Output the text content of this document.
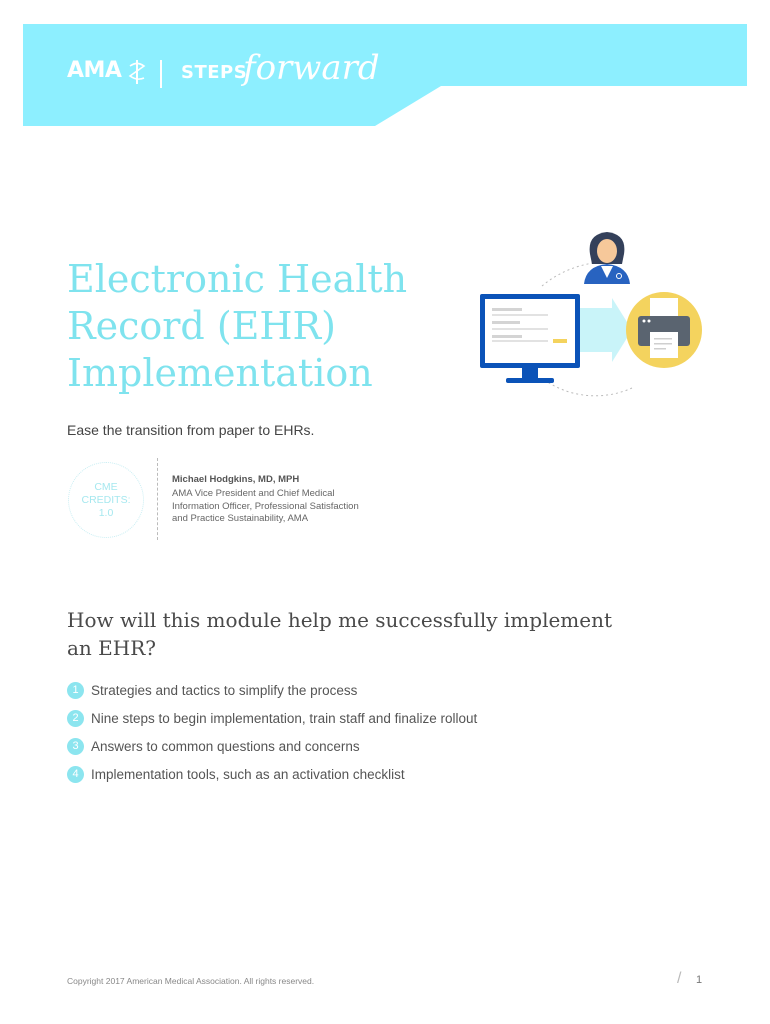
AMA	STEPS
forward
Electronic Health
Record (EHR)
Implementation

Ease the transition from paper to EHRs.

CME
CREDITS:
1.0
Michael Hodgkins, MD, MPH
AMA Vice President and Chief Medical
Information Officer, Professional Satisfaction
and Practice Sustainability, AMA
How will this module help me successfully implement
an EHR?
1 Strategies and tactics to simplify the process
2 Nine steps to begin implementation, train staff and finalize rollout
3 Answers to common questions and concerns
4 Implementation tools, such as an activation checklist
Copyright 2017 American Medical Association. All rights reserved.	/ 1
